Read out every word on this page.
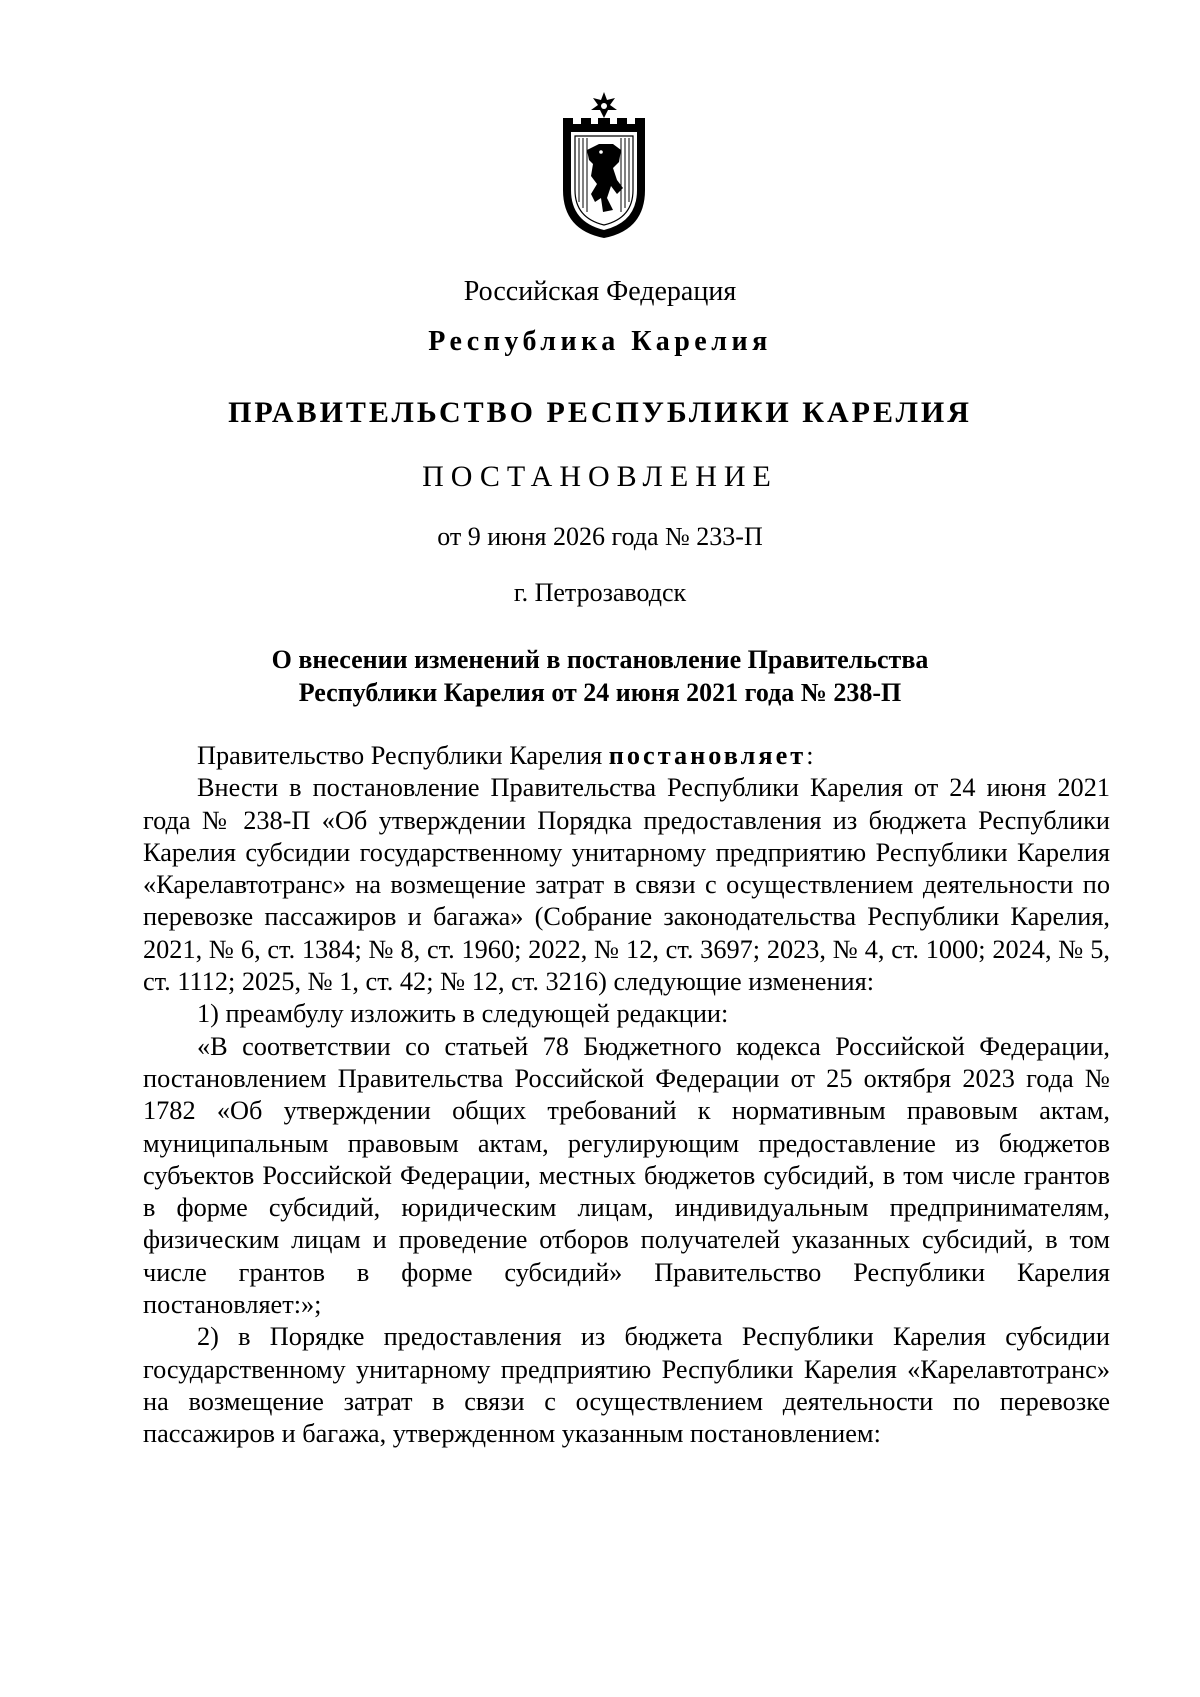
Российская Федерация
Республика Карелия
ПРАВИТЕЛЬСТВО РЕСПУБЛИКИ КАРЕЛИЯ
ПОСТАНОВЛЕНИЕ
от 9 июня 2026 года № 233-П
г. Петрозаводск
О внесении изменений в постановление Правительства
Республики Карелия от 24 июня 2021 года № 238-П

Правительство Республики Карелия постановляет:

Внести в постановление Правительства Республики Карелия от 24 июня 2021 года № 238-П «Об утверждении Порядка предоставления из бюджета Республики Карелия субсидии государственному унитарному предприятию Республики Карелия «Карелавтотранс» на возмещение затрат в связи с осуществлением деятельности по перевозке пассажиров и багажа» (Собрание законодательства Республики Карелия, 2021, № 6, ст. 1384; № 8, ст. 1960; 2022, № 12, ст. 3697; 2023, № 4, ст. 1000; 2024, № 5, ст. 1112; 2025, № 1, ст. 42; № 12, ст. 3216) следующие изменения:

1) преамбулу изложить в следующей редакции:

«В соответствии со статьей 78 Бюджетного кодекса Российской Федерации, постановлением Правительства Российской Федерации от 25 октября 2023 года № 1782 «Об утверждении общих требований к нормативным правовым актам, муниципальным правовым актам, регулирующим предоставление из бюджетов субъектов Российской Федерации, местных бюджетов субсидий, в том числе грантов в форме субсидий, юридическим лицам, индивидуальным предпринимателям, физическим лицам и проведение отборов получателей указанных субсидий, в том числе грантов в форме субсидий» Правительство Республики Карелия постановляет:»;

2) в Порядке предоставления из бюджета Республики Карелия субсидии государственному унитарному предприятию Республики Карелия «Карелавтотранс» на возмещение затрат в связи с осуществлением деятельности по перевозке пассажиров и багажа, утвержденном указанным постановлением:
